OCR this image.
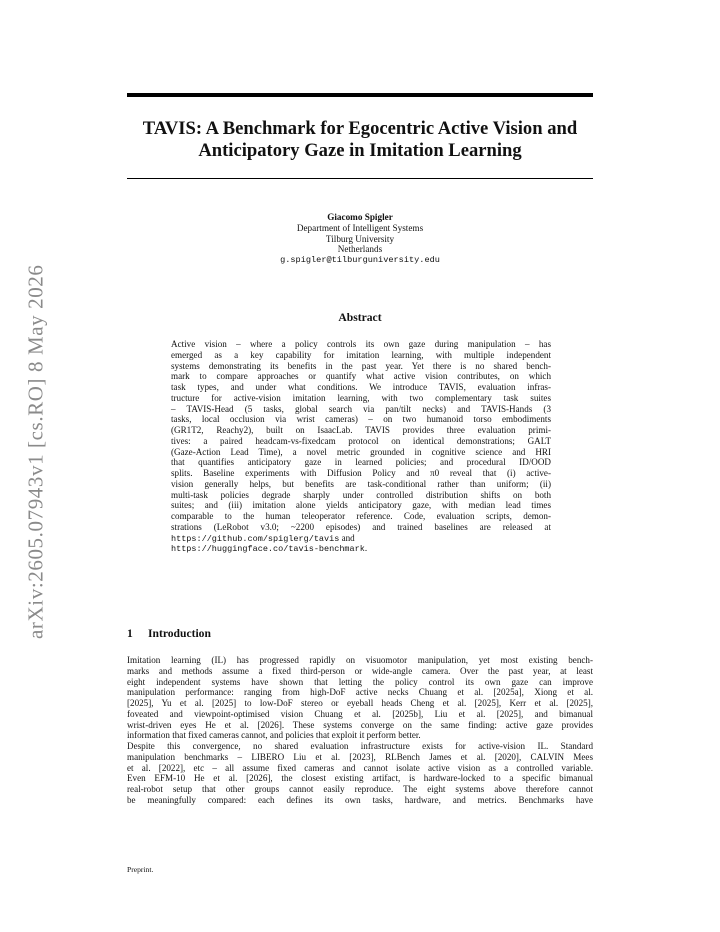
arXiv:2605.07943v1 [cs.RO] 8 May 2026
TAVIS: A Benchmark for Egocentric Active Vision and
Anticipatory Gaze in Imitation Learning
Giacomo Spigler
Department of Intelligent Systems
Tilburg University
Netherlands
g.spigler@tilburguniversity.edu
Abstract
Active vision – where a policy controls its own gaze during manipulation – has
emerged as a key capability for imitation learning, with multiple independent
systems demonstrating its benefits in the past year. Yet there is no shared bench-
mark to compare approaches or quantify what active vision contributes, on which
task types, and under what conditions. We introduce TAVIS, evaluation infras-
tructure for active-vision imitation learning, with two complementary task suites
– TAVIS-Head (5 tasks, global search via pan/tilt necks) and TAVIS-Hands (3
tasks, local occlusion via wrist cameras) – on two humanoid torso embodiments
(GR1T2, Reachy2), built on IsaacLab. TAVIS provides three evaluation primi-
tives: a paired headcam-vs-fixedcam protocol on identical demonstrations; GALT
(Gaze-Action Lead Time), a novel metric grounded in cognitive science and HRI
that quantifies anticipatory gaze in learned policies; and procedural ID/OOD
splits. Baseline experiments with Diffusion Policy and π0 reveal that (i) active-
vision generally helps, but benefits are task-conditional rather than uniform; (ii)
multi-task policies degrade sharply under controlled distribution shifts on both
suites; and (iii) imitation alone yields anticipatory gaze, with median lead times
comparable to the human teleoperator reference. Code, evaluation scripts, demon-
strations (LeRobot v3.0; ~2200 episodes) and trained baselines are released at
https://github.com/spiglerg/tavis and
https://huggingface.co/tavis-benchmark.
1 Introduction
Imitation learning (IL) has progressed rapidly on visuomotor manipulation, yet most existing bench-
marks and methods assume a fixed third-person or wide-angle camera. Over the past year, at least
eight independent systems have shown that letting the policy control its own gaze can improve
manipulation performance: ranging from high-DoF active necks Chuang et al. [2025a], Xiong et al.
[2025], Yu et al. [2025] to low-DoF stereo or eyeball heads Cheng et al. [2025], Kerr et al. [2025],
foveated and viewpoint-optimised vision Chuang et al. [2025b], Liu et al. [2025], and bimanual
wrist-driven eyes He et al. [2026]. These systems converge on the same finding: active gaze provides
information that fixed cameras cannot, and policies that exploit it perform better.
Despite this convergence, no shared evaluation infrastructure exists for active-vision IL. Standard
manipulation benchmarks – LIBERO Liu et al. [2023], RLBench James et al. [2020], CALVIN Mees
et al. [2022], etc – all assume fixed cameras and cannot isolate active vision as a controlled variable.
Even EFM-10 He et al. [2026], the closest existing artifact, is hardware-locked to a specific bimanual
real-robot setup that other groups cannot easily reproduce. The eight systems above therefore cannot
be meaningfully compared: each defines its own tasks, hardware, and metrics. Benchmarks have
Preprint.
